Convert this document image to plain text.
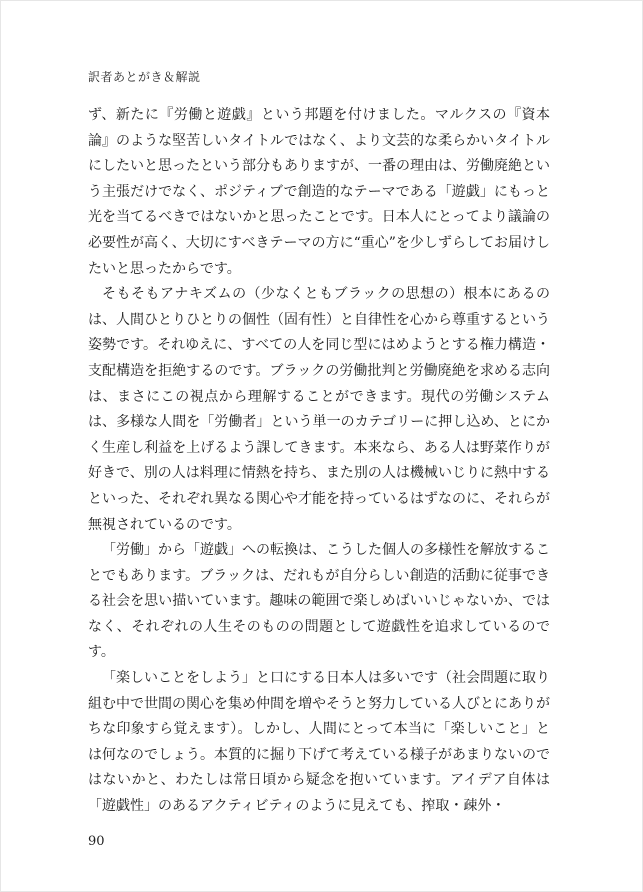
訳者あとがき＆解説

ず、新たに『労働と遊戯』という邦題を付けました。マルクスの『資本論』のような堅苦しいタイトルではなく、より文芸的な柔らかいタイトルにしたいと思ったという部分もありますが、一番の理由は、労働廃絶という主張だけでなく、ポジティブで創造的なテーマである「遊戯」にもっと光を当てるべきではないかと思ったことです。日本人にとってより議論の必要性が高く、大切にすべきテーマの方に“重心”を少しずらしてお届けしたいと思ったからです。

そもそもアナキズムの（少なくともブラックの思想の）根本にあるのは、人間ひとりひとりの個性（固有性）と自律性を心から尊重するという姿勢です。それゆえに、すべての人を同じ型にはめようとする権力構造・支配構造を拒絶するのです。ブラックの労働批判と労働廃絶を求める志向は、まさにこの視点から理解することができます。現代の労働システムは、多様な人間を「労働者」という単一のカテゴリーに押し込め、とにかく生産し利益を上げるよう課してきます。本来なら、ある人は野菜作りが好きで、別の人は料理に情熱を持ち、また別の人は機械いじりに熱中するといった、それぞれ異なる関心や才能を持っているはずなのに、それらが無視されているのです。

「労働」から「遊戯」への転換は、こうした個人の多様性を解放することでもあります。ブラックは、だれもが自分らしい創造的活動に従事できる社会を思い描いています。趣味の範囲で楽しめばいいじゃないか、ではなく、それぞれの人生そのものの問題として遊戯性を追求しているのです。

「楽しいことをしよう」と口にする日本人は多いです（社会問題に取り組む中で世間の関心を集め仲間を増やそうと努力している人びとにありがちな印象すら覚えます）。しかし、人間にとって本当に「楽しいこと」とは何なのでしょう。本質的に掘り下げて考えている様子があまりないのではないかと、わたしは常日頃から疑念を抱いています。アイデア自体は「遊戯性」のあるアクティビティのように見えても、搾取・疎外・

90
